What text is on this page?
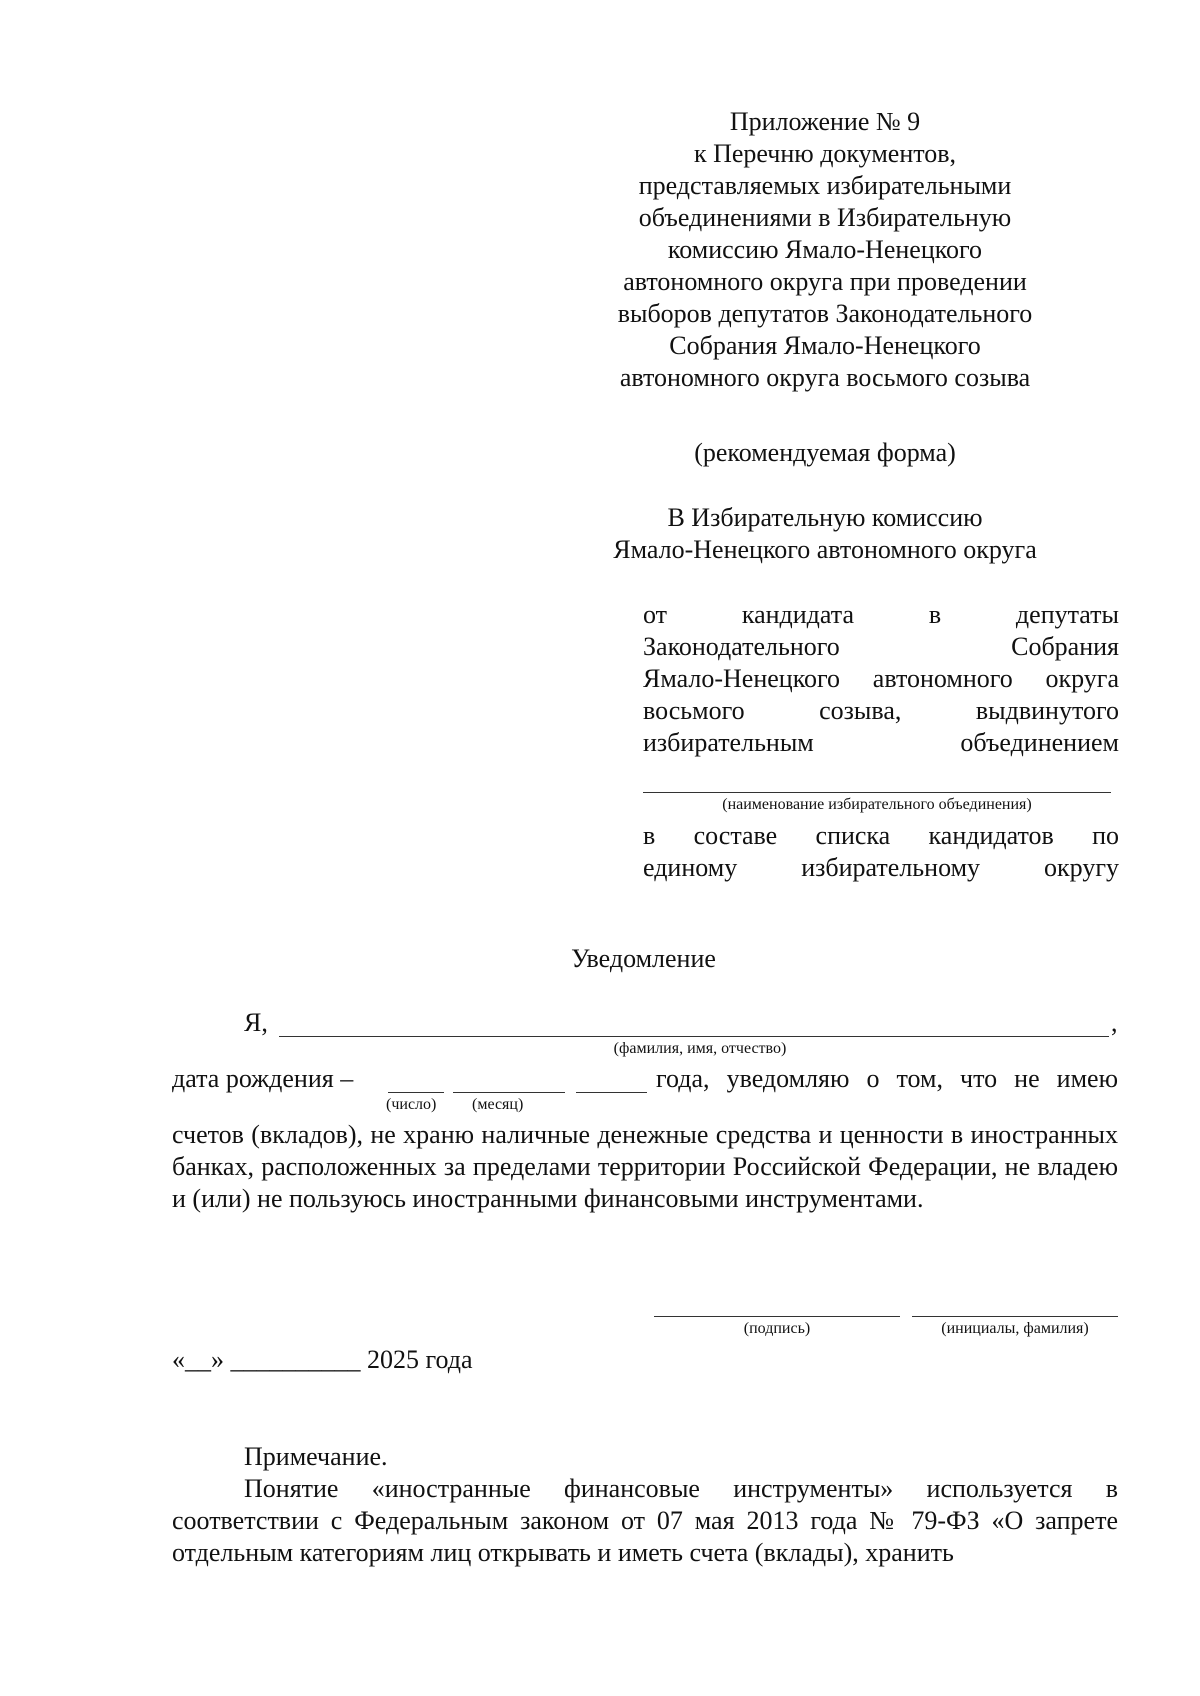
Приложение № 9
к Перечню документов,
представляемых избирательными
объединениями в Избирательную
комиссию Ямало-Ненецкого
автономного округа при проведении
выборов депутатов Законодательного
Собрания Ямало-Ненецкого
автономного округа восьмого созыва
(рекомендуемая форма)
В Избирательную комиссию
Ямало-Ненецкого автономного округа
от кандидата в депутаты
Законодательного Собрания
Ямало-Ненецкого автономного округа
восьмого созыва, выдвинутого
избирательным объединением
(наименование избирательного объединения)
в составе списка кандидатов по
единому избирательному округу
Уведомление
Я,	,
(фамилия, имя, отчество)
дата рождения –	года, уведомляю о том, что не имею
(число) (месяц)
счетов (вкладов), не храню наличные денежные средства и ценности в иностранных банках, расположенных за пределами территории Российской Федерации, не владею и (или) не пользуюсь иностранными финансовыми инструментами.
(подпись)	(инициалы, фамилия)
«__» __________ 2025 года
Примечание.
Понятие «иностранные финансовые инструменты» используется в соответствии с Федеральным законом от 07 мая 2013 года № 79-ФЗ «О запрете отдельным категориям лиц открывать и иметь счета (вклады), хранить
